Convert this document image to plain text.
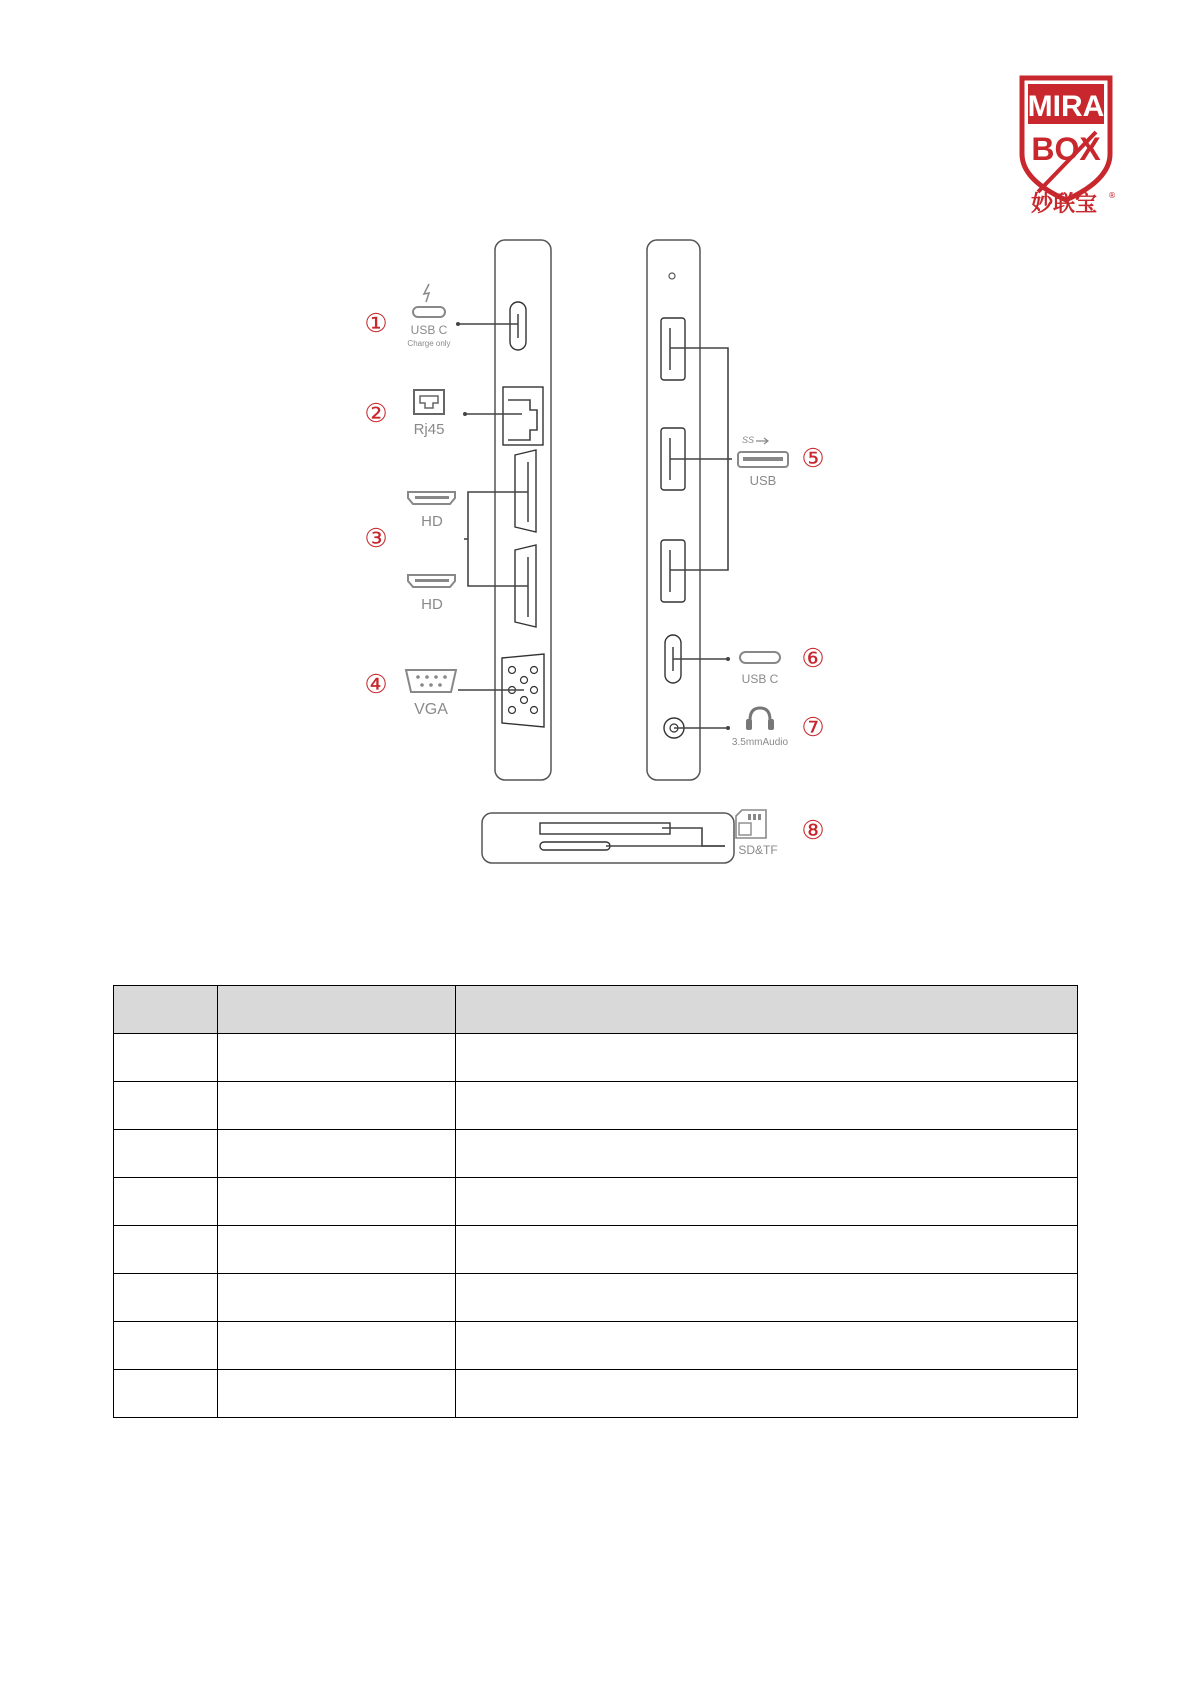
MIRA
BOX
妙联宝 ®
① USB C
Charge only
②
Rj45
③
HD
HD
④
VGA
SS
USB
⑤
USB C
⑥
3.5mmAudio ⑦
SD&TF
⑧
